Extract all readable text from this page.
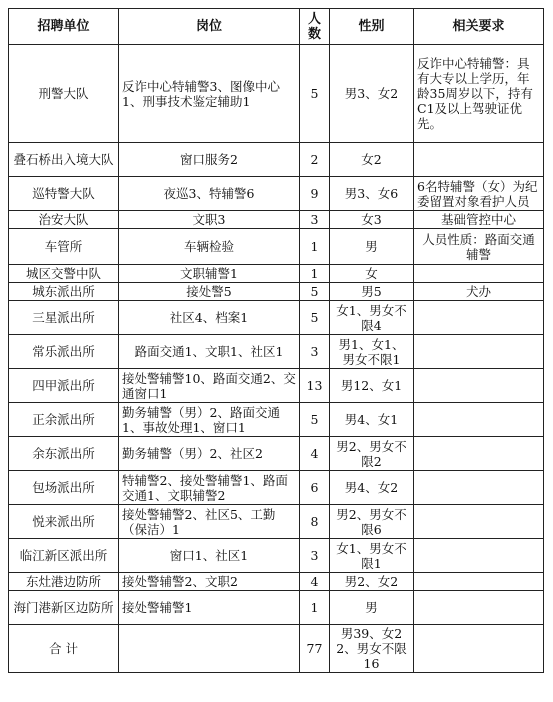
招聘单位	岗位	人数	性别	相关要求
刑警大队	反诈中心特辅警3、图像中心1、刑事技术鉴定辅助1	5	男3、女2	反诈中心特辅警：具有大专以上学历，年龄35周岁以下，持有C1及以上驾驶证优先。
叠石桥出入境大队	窗口服务2	2	女2	
巡特警大队	夜巡3、特辅警6	9	男3、女6	6名特辅警（女）为纪委留置对象看护人员
治安大队	文职3	3	女3	基础管控中心
车管所	车辆检验	1	男	人员性质：路面交通辅警
城区交警中队	文职辅警1	1	女	
城东派出所	接处警5	5	男5	犬办
三星派出所	社区4、档案1	5	女1、男女不限4	
常乐派出所	路面交通1、文职1、社区1	3	男1、女1、男女不限1	
四甲派出所	接处警辅警10、路面交通2、交通窗口1	13	男12、女1	
正余派出所	勤务辅警（男）2、路面交通1、事故处理1、窗口1	5	男4、女1	
余东派出所	勤务辅警（男）2、社区2	4	男2、男女不限2	
包场派出所	特辅警2、接处警辅警1、路面交通1、文职辅警2	6	男4、女2	
悦来派出所	接处警辅警2、社区5、工勤（保洁）1	8	男2、男女不限6	
临江新区派出所	窗口1、社区1	3	女1、男女不限1	
东灶港边防所	接处警辅警2、文职2	4	男2、女2	
海门港新区边防所	接处警辅警1	1	男	
合 计		77	男39、女22、男女不限16	
